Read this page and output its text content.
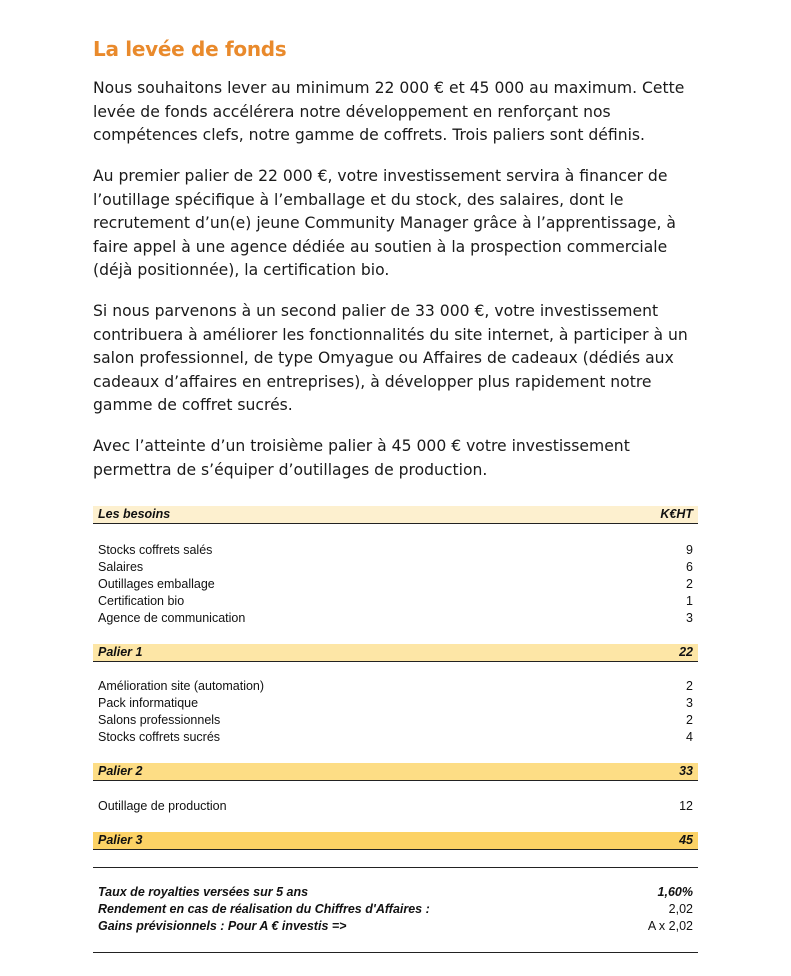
La levée de fonds

Nous souhaitons lever au minimum 22 000 € et 45 000 au maximum. Cette levée de fonds accélérera notre développement en renforçant nos compétences clefs, notre gamme de coffrets. Trois paliers sont définis.

Au premier palier de 22 000 €, votre investissement servira à financer de l’outillage spécifique à l’emballage et du stock, des salaires, dont le recrutement d’un(e) jeune Community Manager grâce à l’apprentissage, à faire appel à une agence dédiée au soutien à la prospection commerciale (déjà positionnée), la certification bio.

Si nous parvenons à un second palier de 33 000 €, votre investissement contribuera à améliorer les fonctionnalités du site internet, à participer à un salon professionnel, de type Omyague ou Affaires de cadeaux (dédiés aux cadeaux d’affaires en entreprises), à développer plus rapidement notre gamme de coffret sucrés.

Avec l’atteinte d’un troisième palier à 45 000 € votre investissement permettra de s’équiper d’outillages de production.

Les besoins	K€HT
Stocks coffrets salés	9
Salaires	6
Outillages emballage	2
Certification bio	1
Agence de communication	3
Palier 1	22
Amélioration site (automation)	2
Pack informatique	3
Salons professionnels	2
Stocks coffrets sucrés	4
Palier 2	33
Outillage de production	12
Palier 3	45
Taux de royalties versées sur 5 ans	1,60%
Rendement en cas de réalisation du Chiffres d'Affaires :	2,02
Gains prévisionnels : Pour A € investis =>	A x 2,02
